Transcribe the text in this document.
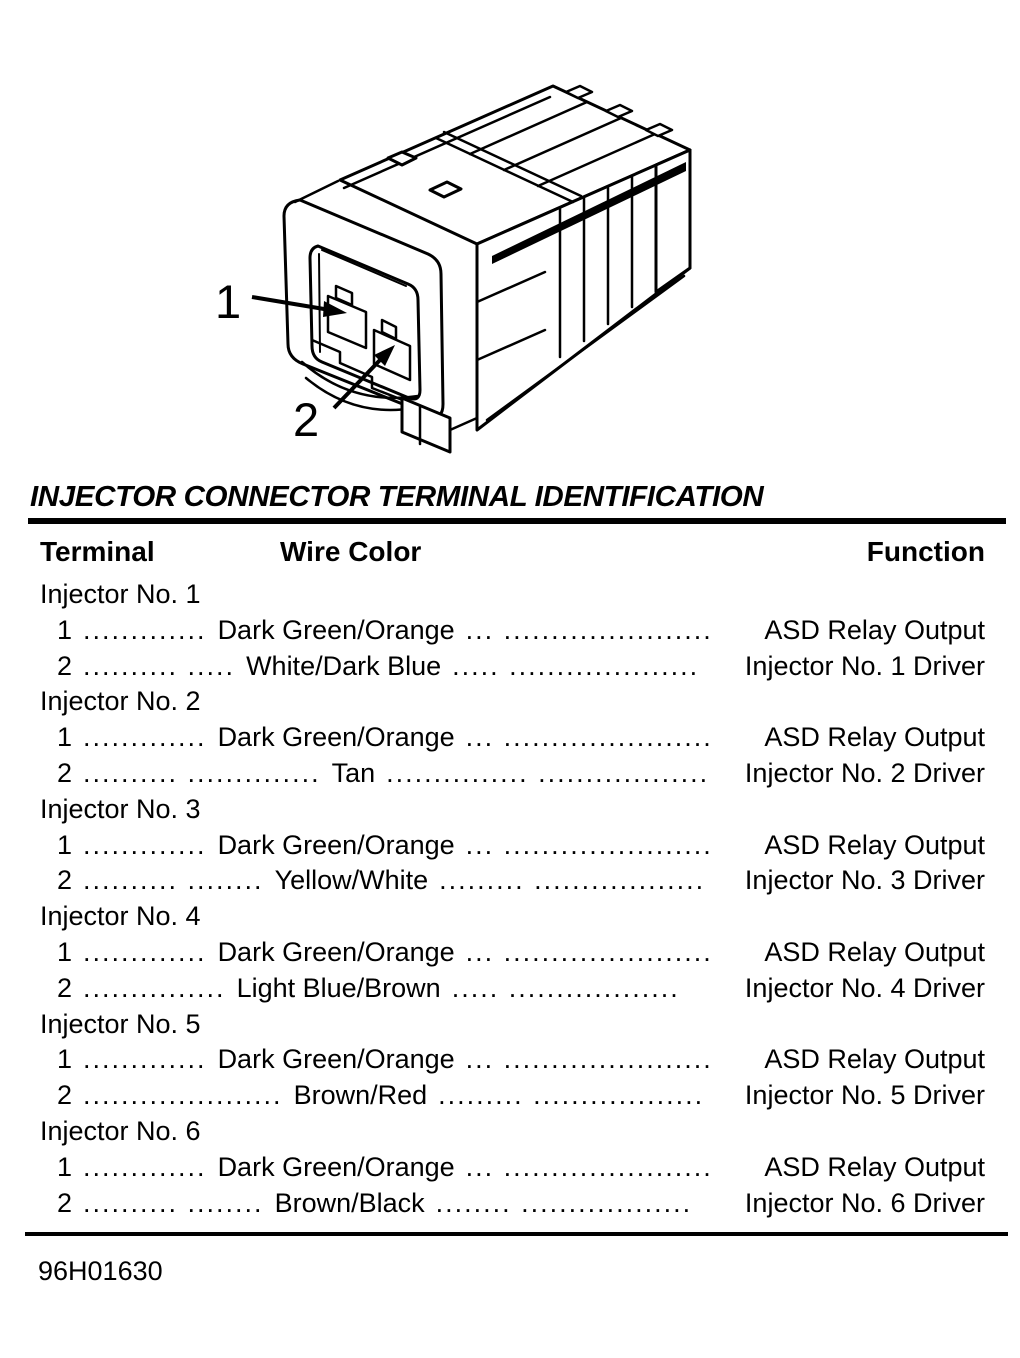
1
2
INJECTOR CONNECTOR TERMINAL IDENTIFICATION
Terminal	Wire Color	Function
Injector No. 1
1 ............. Dark Green/Orange ... ...................... ASD Relay Output
2 .......... ..... White/Dark Blue ..... .................... Injector No. 1 Driver
Injector No. 2
1 ............. Dark Green/Orange ... ...................... ASD Relay Output
2 .......... .............. Tan ............... .................. Injector No. 2 Driver
Injector No. 3
1 ............. Dark Green/Orange ... ...................... ASD Relay Output
2 .......... ........ Yellow/White ......... .................. Injector No. 3 Driver
Injector No. 4
1 ............. Dark Green/Orange ... ...................... ASD Relay Output
2 ............... Light Blue/Brown ..... .................. Injector No. 4 Driver
Injector No. 5
1 ............. Dark Green/Orange ... ...................... ASD Relay Output
2 ..................... Brown/Red ......... .................. Injector No. 5 Driver
Injector No. 6
1 ............. Dark Green/Orange ... ...................... ASD Relay Output
2 .......... ........ Brown/Black ........ .................. Injector No. 6 Driver
96H01630
